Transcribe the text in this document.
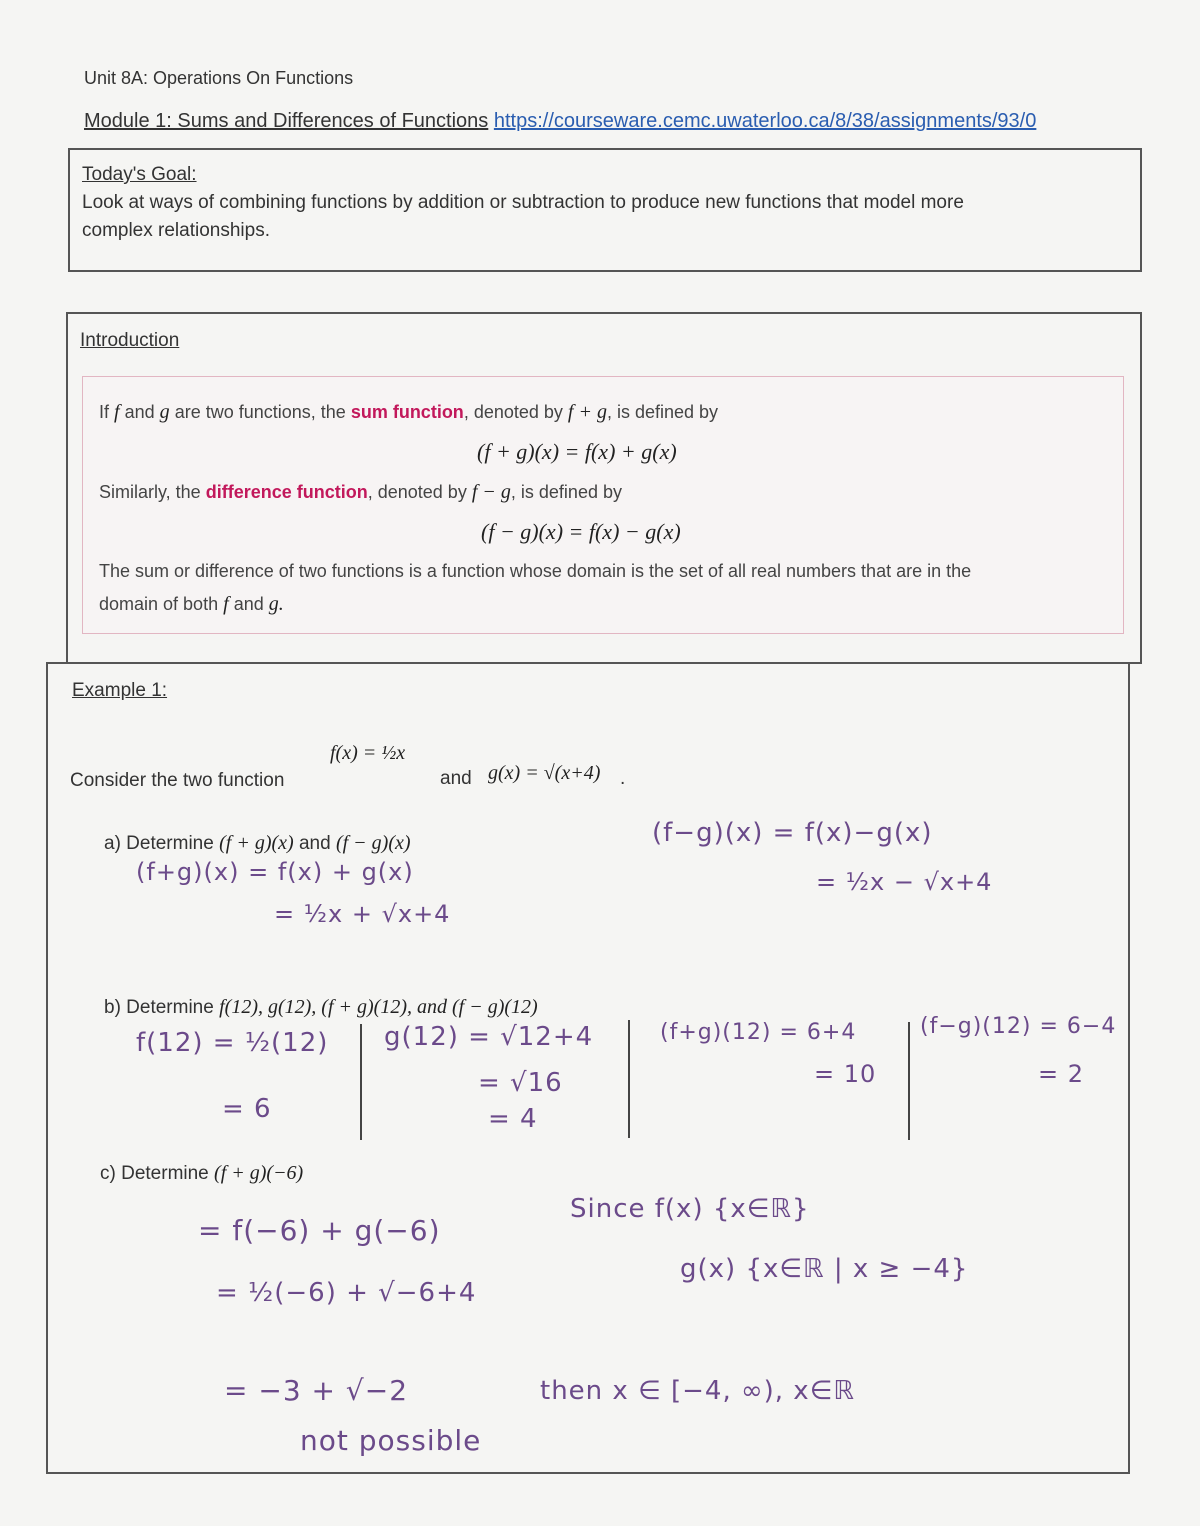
Unit 8A: Operations On Functions
Module 1: Sums and Differences of Functions https://courseware.cemc.uwaterloo.ca/8/38/assignments/93/0
Today's Goal:
Look at ways of combining functions by addition or subtraction to produce new functions that model more
complex relationships.
Introduction
If f and g are two functions, the sum function, denoted by f + g, is defined by
(f + g)(x) = f(x) + g(x)
Similarly, the difference function, denoted by f − g, is defined by
(f − g)(x) = f(x) − g(x)
The sum or difference of two functions is a function whose domain is the set of all real numbers that are in the
domain of both f and g.
Example 1:
Consider the two function
f(x) = ½x
and g(x) = √(x+4) .
a) Determine (f + g)(x) and (f − g)(x)
(f+g)(x) = f(x) + g(x)
= ½x + √x+4
(f−g)(x) = f(x)−g(x)
= ½x − √x+4
b) Determine f(12), g(12), (f + g)(12), and (f − g)(12)
f(12) = ½(12)
= 6
g(12) = √12+4
= √16
= 4
(f+g)(12) = 6+4
= 10
(f−g)(12) = 6−4
= 2
c) Determine (f + g)(−6)
= f(−6) + g(−6)
= ½(−6) + √−6+4
= −3 + √−2
not possible
Since f(x) {x∈ℝ}
g(x) {x∈ℝ | x ≥ −4}
then x ∈ [−4, ∞), x∈ℝ
